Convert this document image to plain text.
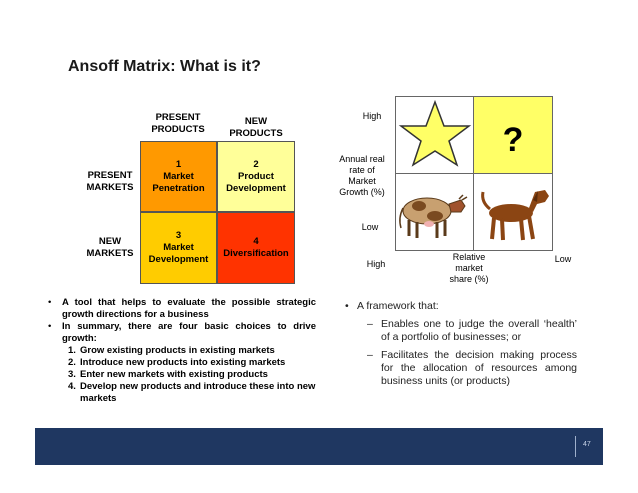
Ansoff Matrix: What is it?
PRESENT
PRODUCTS
NEW
PRODUCTS
PRESENT
MARKETS
NEW
MARKETS
1
Market
Penetration
2
Product
Development
3
Market
Development
4
Diversification
High
Annual real
rate of
Market
Growth (%)
Low
High
Relative
market
share (%)
Low
?
•	A tool that helps to evaluate the possible strategic growth directions for a business
•	In summary, there are four basic choices to drive growth:
1. Grow existing products in existing markets
2. Introduce new products into existing markets
3. Enter new markets with existing products
4. Develop new products and introduce these into new markets
• A framework that:
– Enables one to judge the overall ‘health’ of a portfolio of businesses; or
– Facilitates the decision making process for the allocation of resources among business units (or products)
47
